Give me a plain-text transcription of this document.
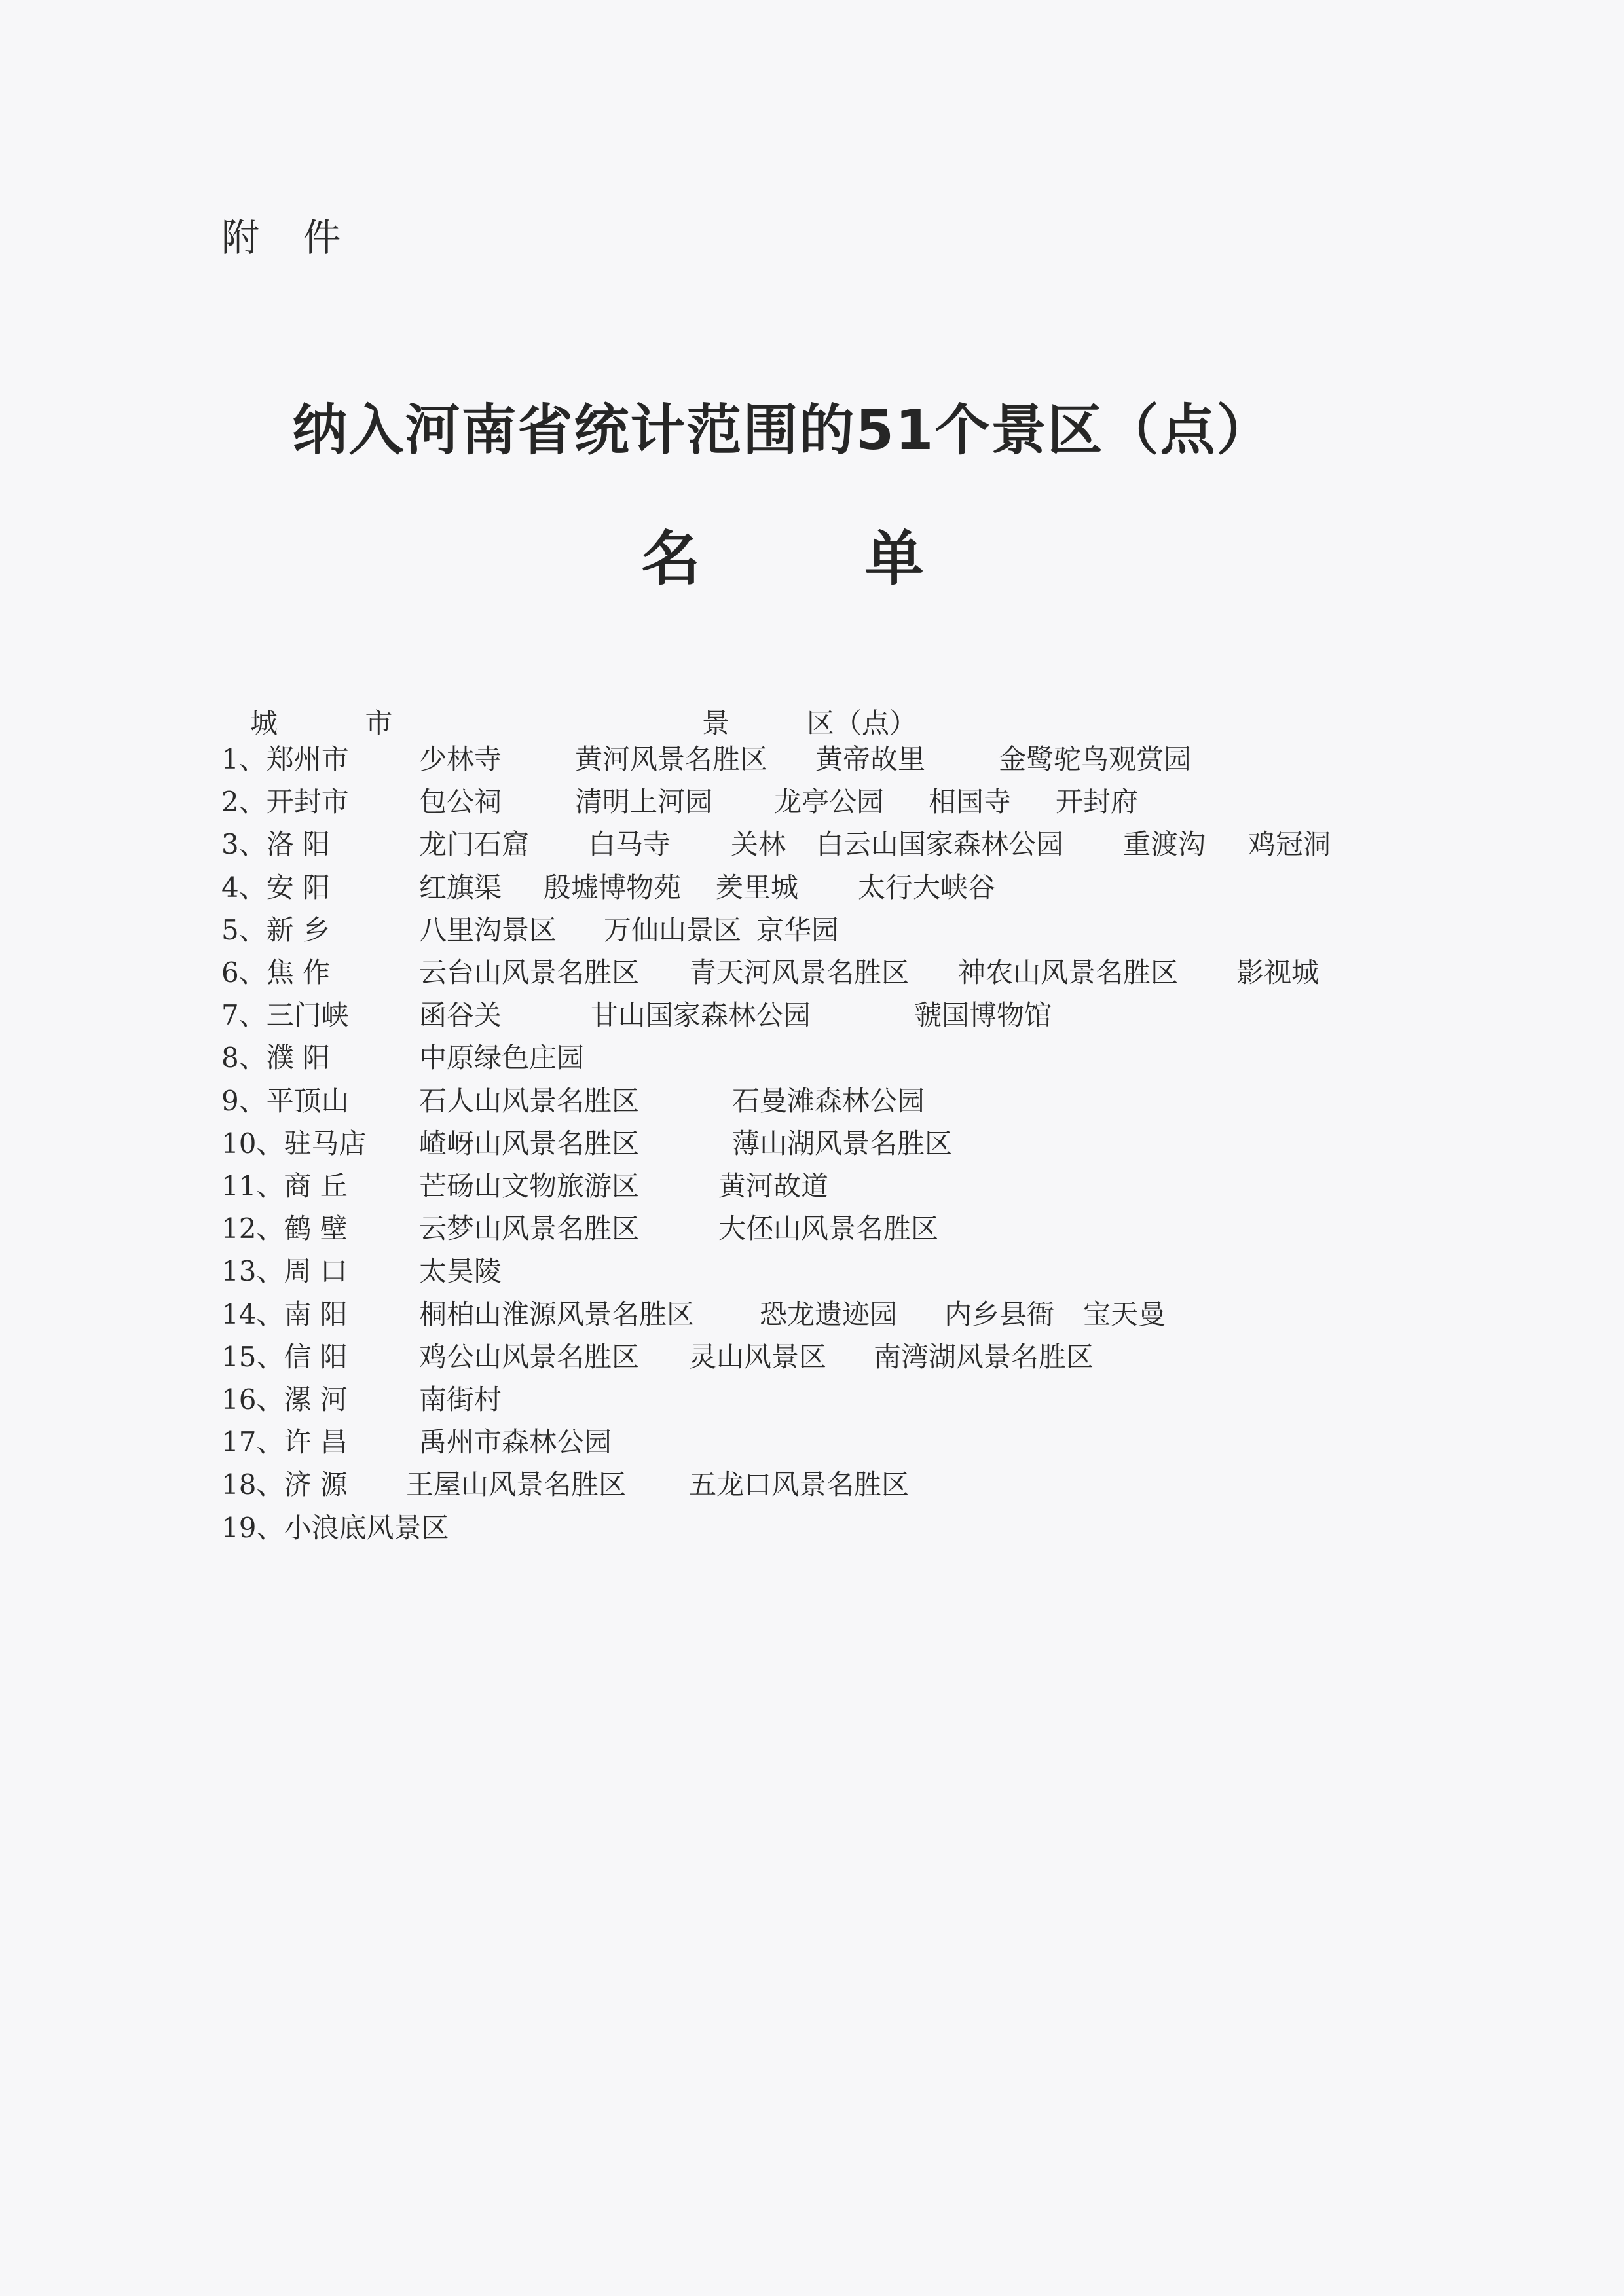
附 件
纳入河南省统计范围的51个景区（点）
名 单
城 市	景	区（点）
1、郑州市	少林寺	黄河风景名胜区 黄帝故里	金鹭驼鸟观赏园
2、开封市	包公祠	清明上河园 龙亭公园 相国寺 开封府
3、洛 阳	龙门石窟 白马寺 关林 白云山国家森林公园 重渡沟 鸡冠洞
4、安 阳	红旗渠 殷墟博物苑 羑里城 太行大峡谷
5、新 乡	八里沟景区 万仙山景区 京华园
6、焦 作	云台山风景名胜区 青天河风景名胜区 神农山风景名胜区 影视城
7、三门峡	函谷关	甘山国家森林公园	虢国博物馆
8、濮 阳	中原绿色庄园
9、平顶山	石人山风景名胜区	石曼滩森林公园
10、驻马店 嵖岈山风景名胜区	薄山湖风景名胜区
11、商 丘	芒砀山文物旅游区	黄河故道
12、鹤 壁	云梦山风景名胜区	大伾山风景名胜区
13、周 口	太昊陵
14、南 阳	桐柏山淮源风景名胜区 恐龙遗迹园 内乡县衙 宝天曼
15、信 阳	鸡公山风景名胜区 灵山风景区 南湾湖风景名胜区
16、漯 河	南街村
17、许 昌	禹州市森林公园
18、济 源 王屋山风景名胜区 五龙口风景名胜区
19、小浪底风景区
